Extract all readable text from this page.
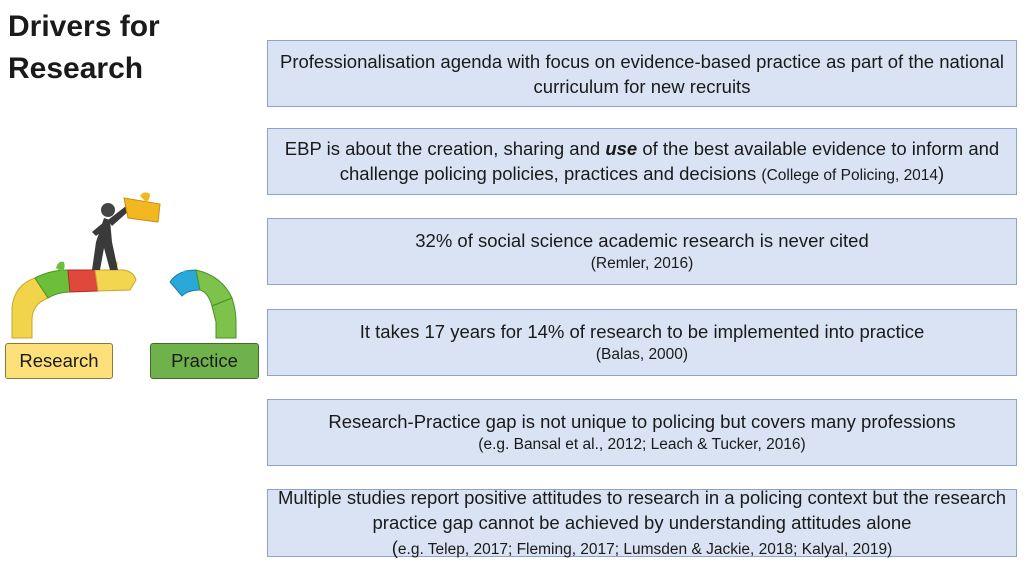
Drivers for
Research
Research	Practice
Professionalisation agenda with focus on evidence-based practice as part of the national curriculum for new recruits
EBP is about the creation, sharing and use of the best available evidence to inform and challenge policing policies, practices and decisions (College of Policing, 2014)
32% of social science academic research is never cited
(Remler, 2016)
It takes 17 years for 14% of research to be implemented into practice
(Balas, 2000)
Research-Practice gap is not unique to policing but covers many professions
(e.g. Bansal et al., 2012; Leach & Tucker, 2016)
Multiple studies report positive attitudes to research in a policing context but the research practice gap cannot be achieved by understanding attitudes alone
(e.g. Telep, 2017; Fleming, 2017; Lumsden & Jackie, 2018; Kalyal, 2019)
